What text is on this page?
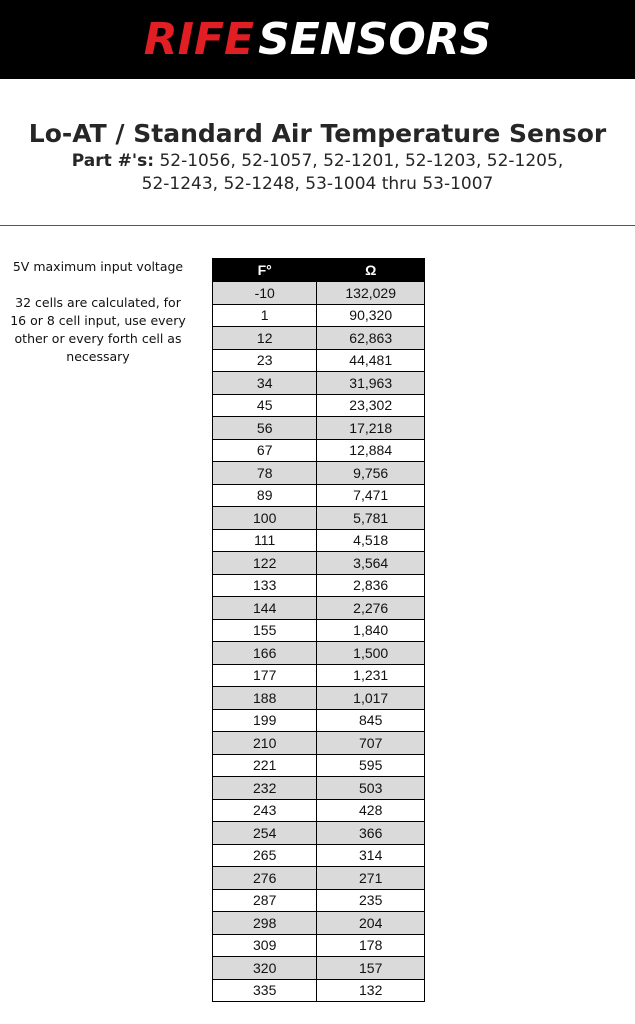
RIFE SENSORS
Lo-AT / Standard Air Temperature Sensor
Part #'s: 52-1056, 52-1057, 52-1201, 52-1203, 52-1205,
52-1243, 52-1248, 53-1004 thru 53-1007
5V maximum input voltage
32 cells are calculated, for 16 or 8 cell input, use every other or every forth cell as necessary
F°	Ω
-10	132,029
1	90,320
12	62,863
23	44,481
34	31,963
45	23,302
56	17,218
67	12,884
78	9,756
89	7,471
100	5,781
111	4,518
122	3,564
133	2,836
144	2,276
155	1,840
166	1,500
177	1,231
188	1,017
199	845
210	707
221	595
232	503
243	428
254	366
265	314
276	271
287	235
298	204
309	178
320	157
335	132
